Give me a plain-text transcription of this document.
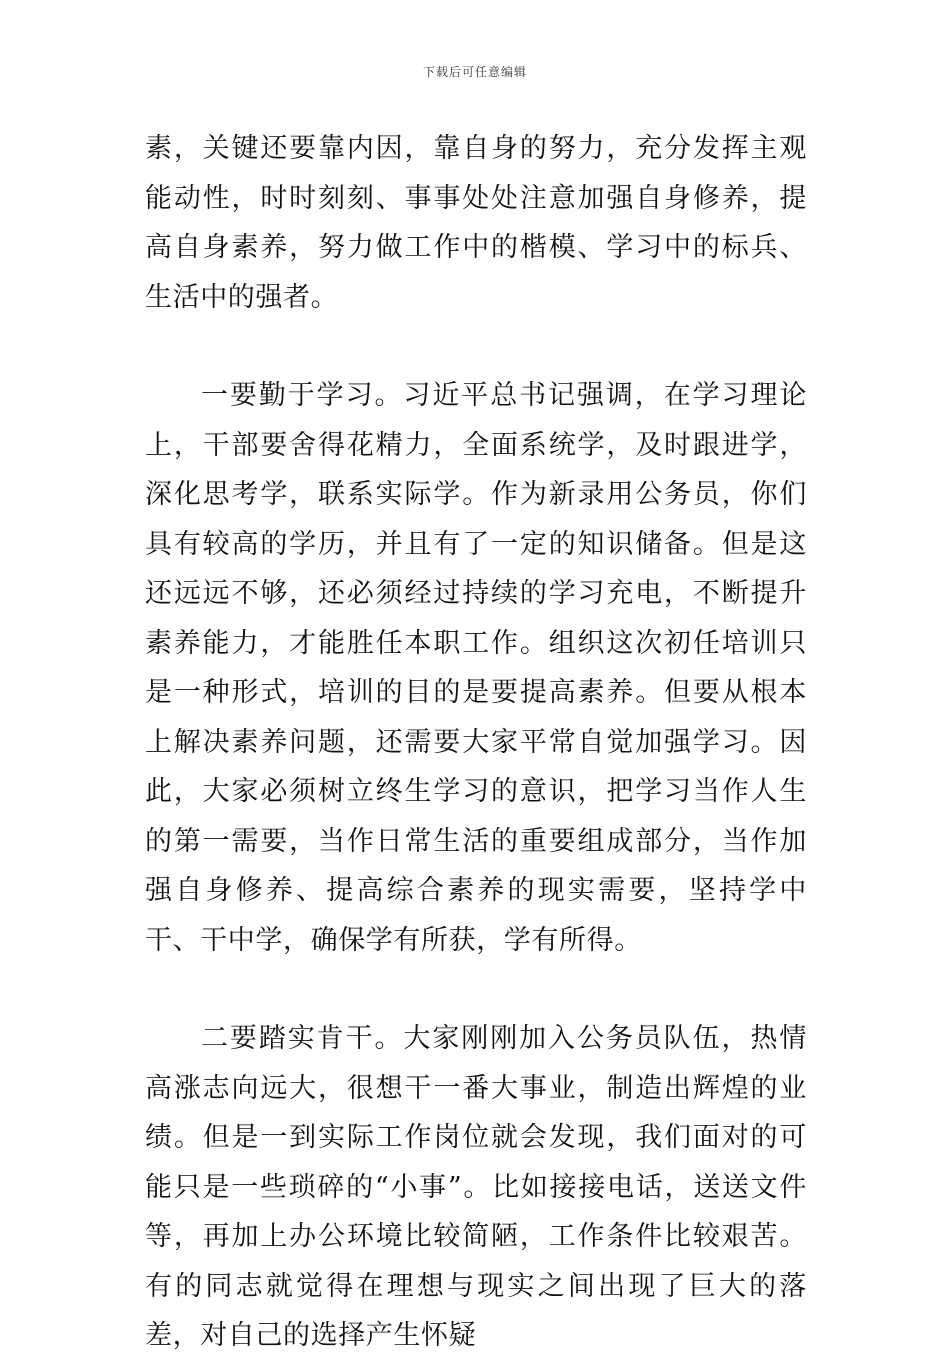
下载后可任意编辑

素，关键还要靠内因，靠自身的努力，充分发挥主观能动性，时时刻刻、事事处处注意加强自身修养，提高自身素养，努力做工作中的楷模、学习中的标兵、生活中的强者。

一要勤于学习。习近平总书记强调，在学习理论上，干部要舍得花精力，全面系统学，及时跟进学，深化思考学，联系实际学。作为新录用公务员，你们具有较高的学历，并且有了一定的知识储备。但是这还远远不够，还必须经过持续的学习充电，不断提升素养能力，才能胜任本职工作。组织这次初任培训只是一种形式，培训的目的是要提高素养。但要从根本上解决素养问题，还需要大家平常自觉加强学习。因此，大家必须树立终生学习的意识，把学习当作人生的第一需要，当作日常生活的重要组成部分，当作加强自身修养、提高综合素养的现实需要，坚持学中干、干中学，确保学有所获，学有所得。

二要踏实肯干。大家刚刚加入公务员队伍，热情高涨志向远大，很想干一番大事业，制造出辉煌的业绩。但是一到实际工作岗位就会发现，我们面对的可能只是一些琐碎的“小事”。比如接接电话，送送文件等，再加上办公环境比较简陋，工作条件比较艰苦。有的同志就觉得在理想与现实之间出现了巨大的落差，对自己的选择产生怀疑
